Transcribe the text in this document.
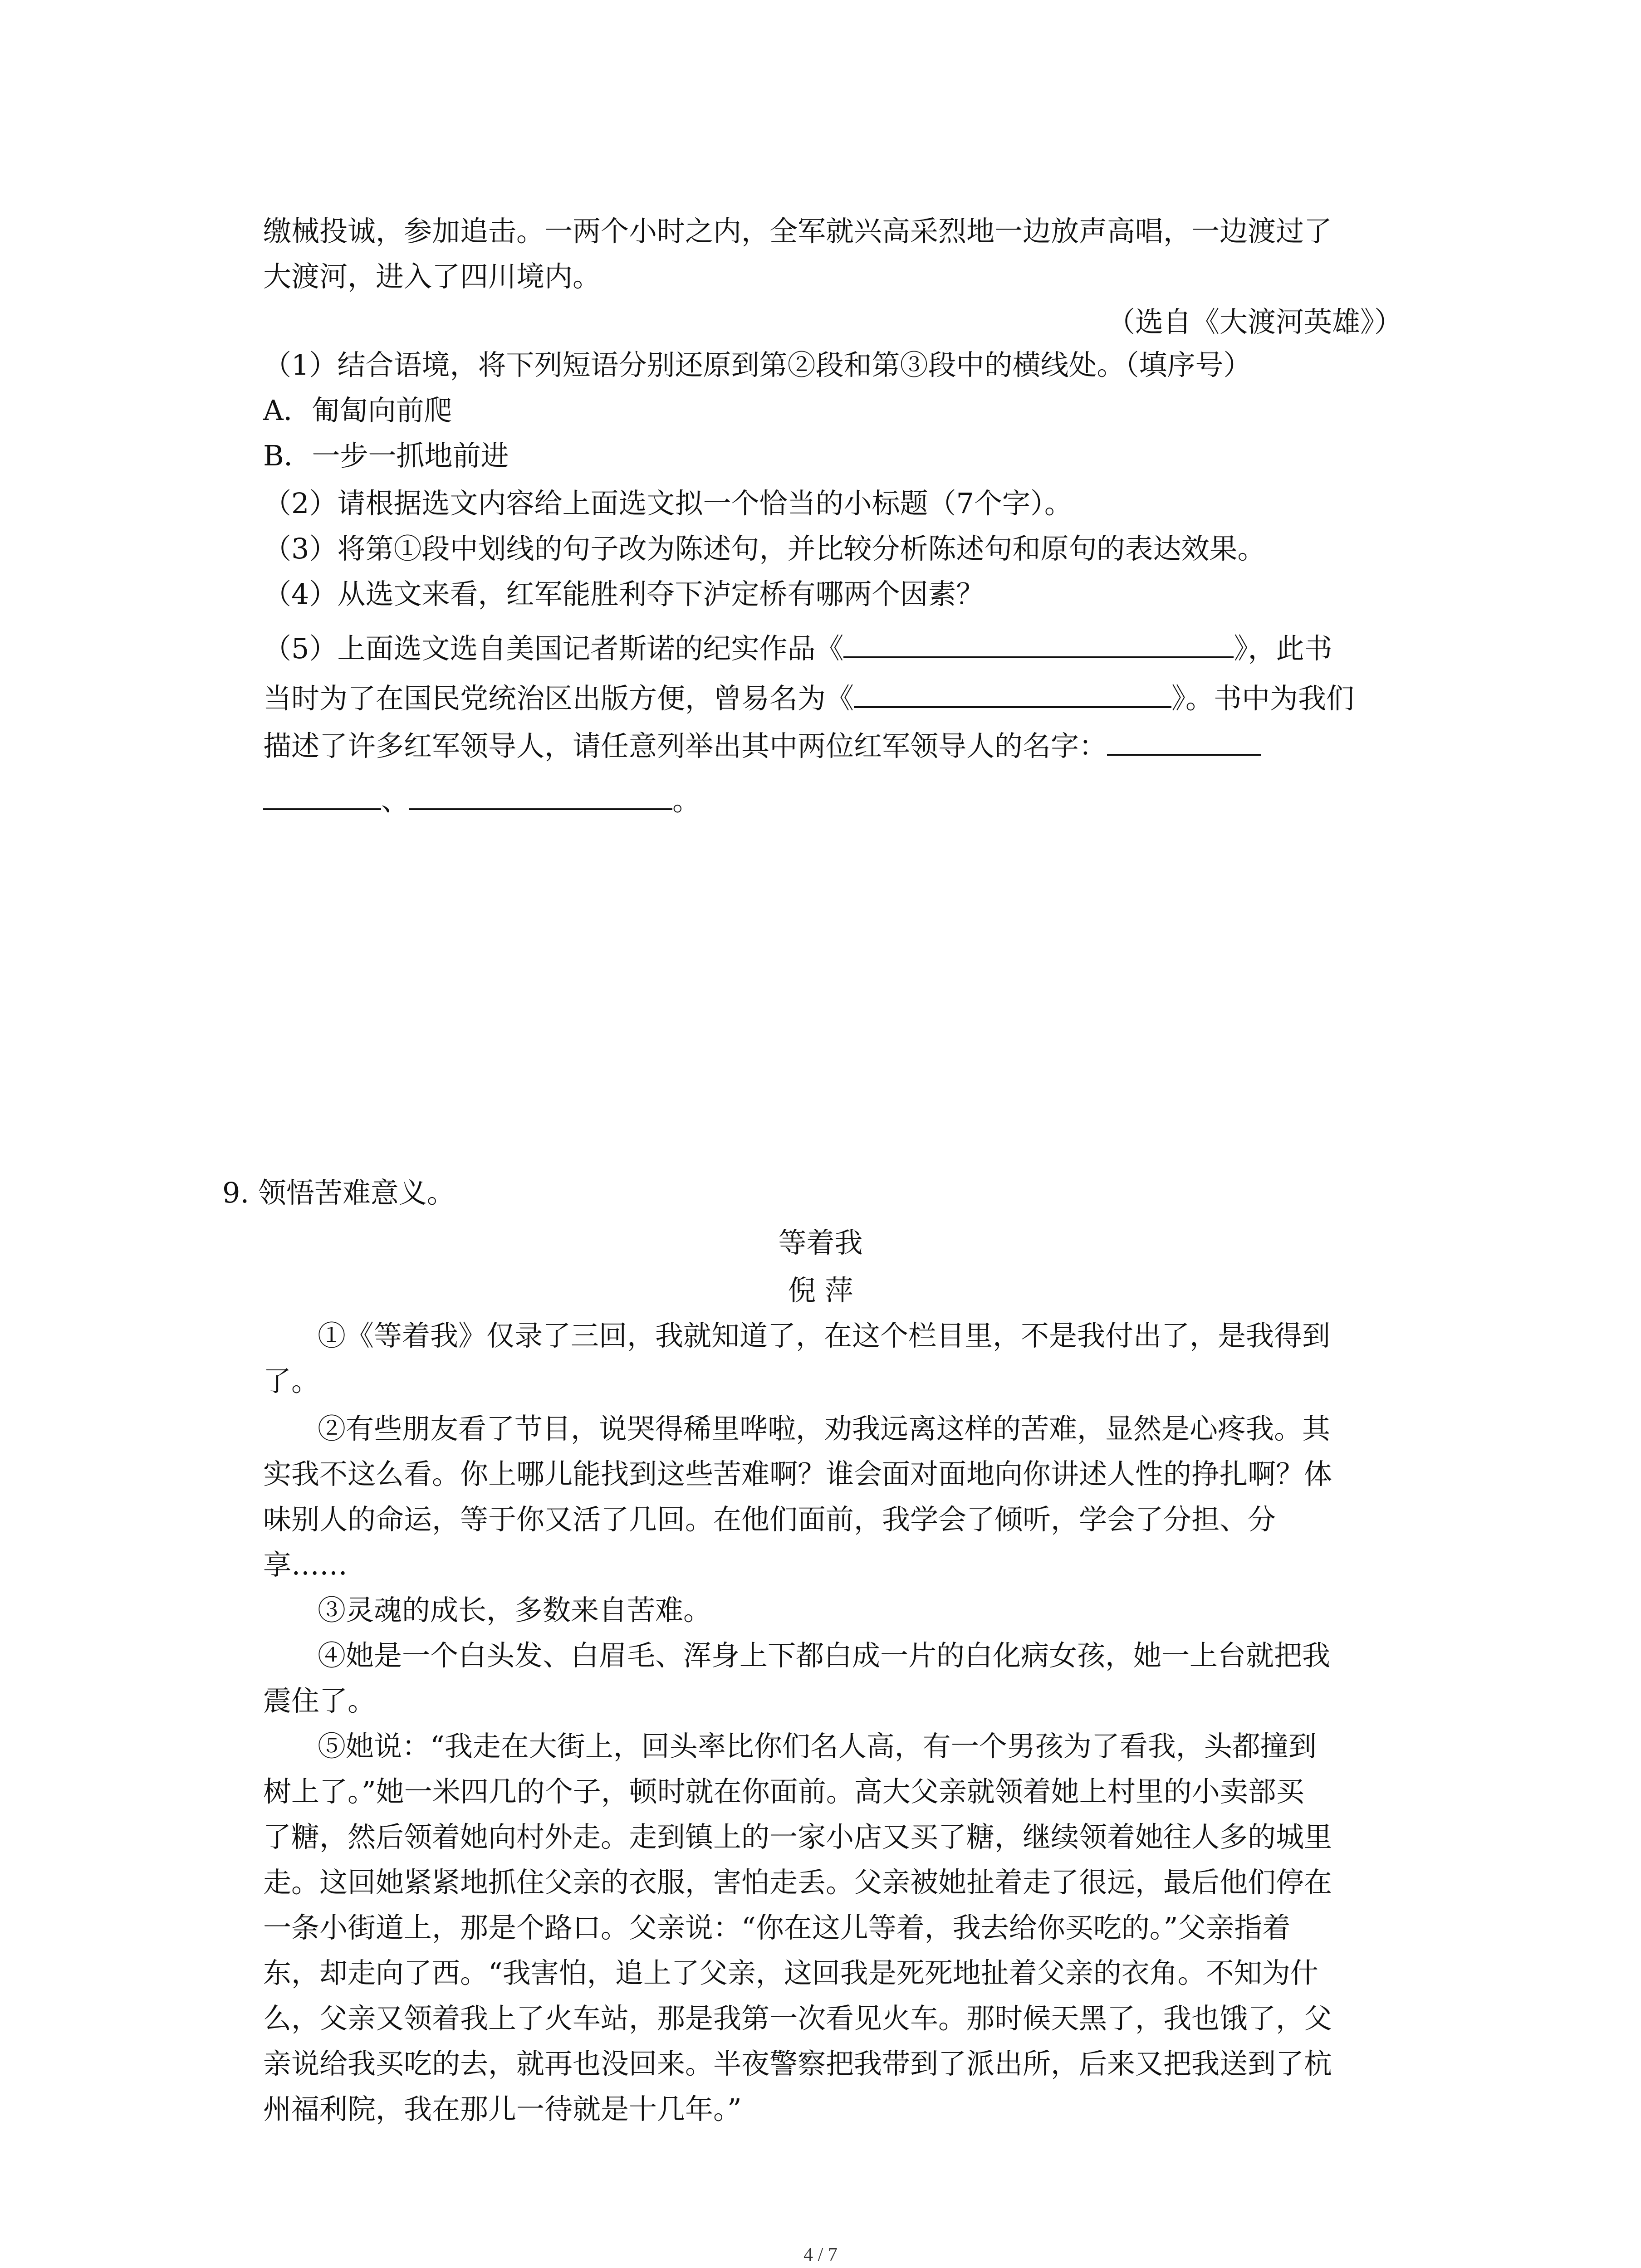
缴械投诚，参加追击。一两个小时之内，全军就兴高采烈地一边放声高唱，一边渡过了
大渡河，进入了四川境内。
（选自《大渡河英雄》）
（1）结合语境，将下列短语分别还原到第②段和第③段中的横线处。（填序号）
A．匍匐向前爬
B．一步一抓地前进
（2）请根据选文内容给上面选文拟一个恰当的小标题（7个字）。
（3）将第①段中划线的句子改为陈述句，并比较分析陈述句和原句的表达效果。
（4）从选文来看，红军能胜利夺下泸定桥有哪两个因素？
（5）上面选文选自美国记者斯诺的纪实作品《	》，此书
当时为了在国民党统治区出版方便，曾易名为《	》。书中为我们
描述了许多红军领导人，请任意列举出其中两位红军领导人的名字：
、	。
9. 领悟苦难意义。
等着我
倪 萍
①《等着我》仅录了三回，我就知道了，在这个栏目里，不是我付出了，是我得到
了。
②有些朋友看了节目，说哭得稀里哗啦，劝我远离这样的苦难，显然是心疼我。其
实我不这么看。你上哪儿能找到这些苦难啊？谁会面对面地向你讲述人性的挣扎啊？体
味别人的命运，等于你又活了几回。在他们面前，我学会了倾听，学会了分担、分
享……
③灵魂的成长，多数来自苦难。
④她是一个白头发、白眉毛、浑身上下都白成一片的白化病女孩，她一上台就把我
震住了。
⑤她说：“我走在大街上，回头率比你们名人高，有一个男孩为了看我，头都撞到
树上了。”她一米四几的个子，顿时就在你面前。高大父亲就领着她上村里的小卖部买
了糖，然后领着她向村外走。走到镇上的一家小店又买了糖，继续领着她往人多的城里
走。这回她紧紧地抓住父亲的衣服，害怕走丢。父亲被她扯着走了很远，最后他们停在
一条小街道上，那是个路口。父亲说：“你在这儿等着，我去给你买吃的。”父亲指着
东，却走向了西。“我害怕，追上了父亲，这回我是死死地扯着父亲的衣角。不知为什
么，父亲又领着我上了火车站，那是我第一次看见火车。那时候天黑了，我也饿了，父
亲说给我买吃的去，就再也没回来。半夜警察把我带到了派出所，后来又把我送到了杭
州福利院，我在那儿一待就是十几年。”
4 / 7
